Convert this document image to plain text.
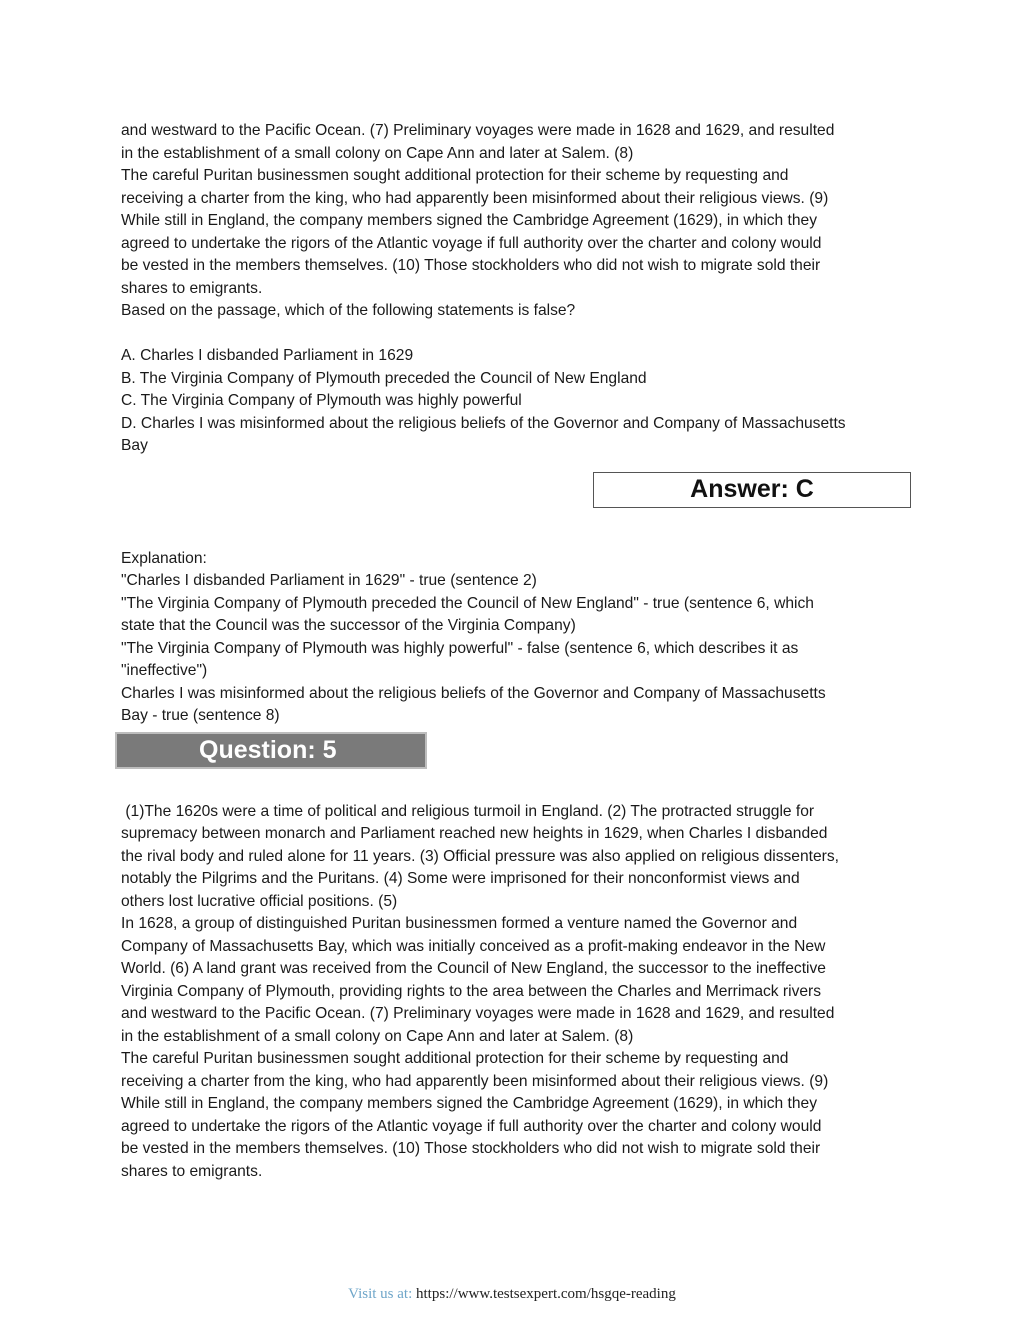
and westward to the Pacific Ocean. (7) Preliminary voyages were made in 1628 and 1629, and resulted
in the establishment of a small colony on Cape Ann and later at Salem. (8)
The careful Puritan businessmen sought additional protection for their scheme by requesting and
receiving a charter from the king, who had apparently been misinformed about their religious views. (9)
While still in England, the company members signed the Cambridge Agreement (1629), in which they
agreed to undertake the rigors of the Atlantic voyage if full authority over the charter and colony would
be vested in the members themselves. (10) Those stockholders who did not wish to migrate sold their
shares to emigrants.
Based on the passage, which of the following statements is false?
A. Charles I disbanded Parliament in 1629
B. The Virginia Company of Plymouth preceded the Council of New England
C. The Virginia Company of Plymouth was highly powerful
D. Charles I was misinformed about the religious beliefs of the Governor and Company of Massachusetts
Bay
Answer: C
Explanation:
"Charles I disbanded Parliament in 1629" - true (sentence 2)
"The Virginia Company of Plymouth preceded the Council of New England" - true (sentence 6, which
state that the Council was the successor of the Virginia Company)
"The Virginia Company of Plymouth was highly powerful" - false (sentence 6, which describes it as
"ineffective")
Charles I was misinformed about the religious beliefs of the Governor and Company of Massachusetts
Bay - true (sentence 8)
Question: 5
(1)The 1620s were a time of political and religious turmoil in England. (2) The protracted struggle for
supremacy between monarch and Parliament reached new heights in 1629, when Charles I disbanded
the rival body and ruled alone for 11 years. (3) Official pressure was also applied on religious dissenters,
notably the Pilgrims and the Puritans. (4) Some were imprisoned for their nonconformist views and
others lost lucrative official positions. (5)
In 1628, a group of distinguished Puritan businessmen formed a venture named the Governor and
Company of Massachusetts Bay, which was initially conceived as a profit-making endeavor in the New
World. (6) A land grant was received from the Council of New England, the successor to the ineffective
Virginia Company of Plymouth, providing rights to the area between the Charles and Merrimack rivers
and westward to the Pacific Ocean. (7) Preliminary voyages were made in 1628 and 1629, and resulted
in the establishment of a small colony on Cape Ann and later at Salem. (8)
The careful Puritan businessmen sought additional protection for their scheme by requesting and
receiving a charter from the king, who had apparently been misinformed about their religious views. (9)
While still in England, the company members signed the Cambridge Agreement (1629), in which they
agreed to undertake the rigors of the Atlantic voyage if full authority over the charter and colony would
be vested in the members themselves. (10) Those stockholders who did not wish to migrate sold their
shares to emigrants.
Visit us at: https://www.testsexpert.com/hsgqe-reading
